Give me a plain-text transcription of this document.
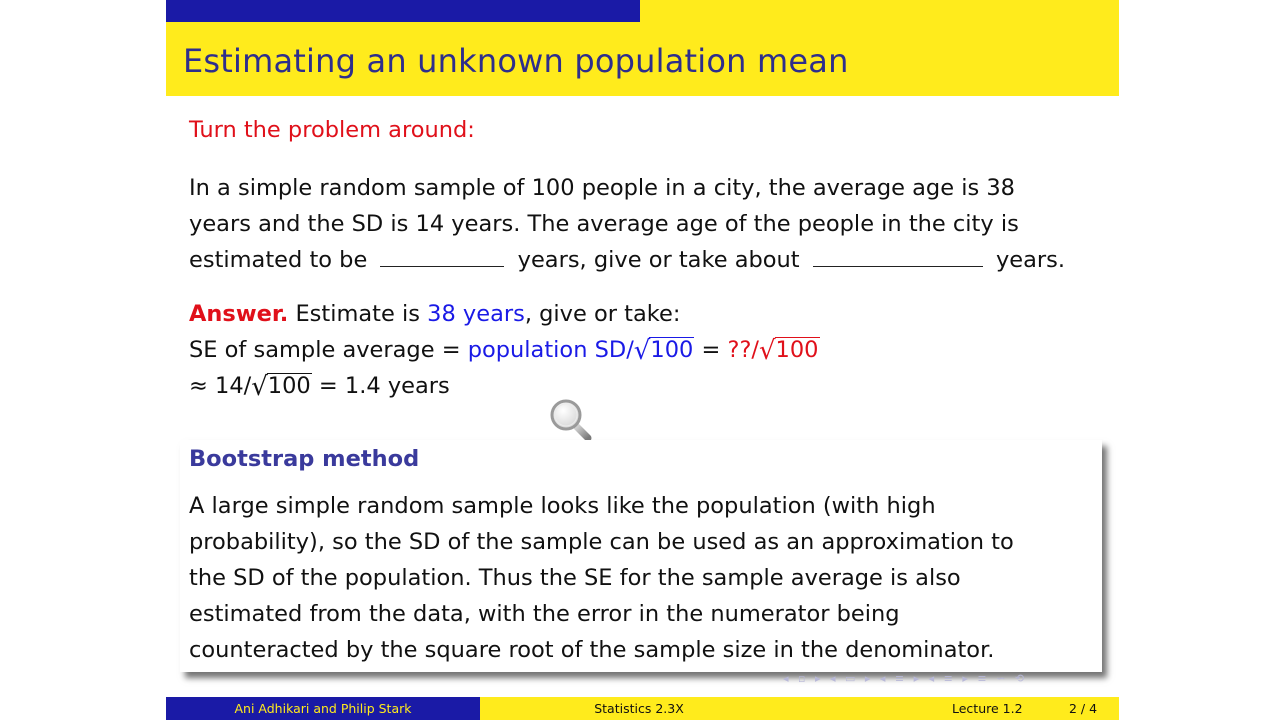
Estimating an unknown population mean
Turn the problem around:
In a simple random sample of 100 people in a city, the average age is 38
years and the SD is 14 years. The average age of the people in the city is
estimated to be	years, give or take about	years.
Answer. Estimate is 38 years, give or take:
SE of sample average = population SD/√100 = ??/√100
≈ 14/√100 = 1.4 years
Bootstrap method
A large simple random sample looks like the population (with high
probability), so the SD of the sample can be used as an approximation to
the SD of the population. Thus the SE for the sample average is also
estimated from the data, with the error in the numerator being
counteracted by the square root of the sample size in the denominator.
◂ ▫ ▸ ◂ ▭ ▸ ◂ ≡ ▸ ◂ ≡ ▸ ≡ ∽ ⟲
Ani Adhikari and Philip Stark	Statistics 2.3X	Lecture 1.2	2 / 4
